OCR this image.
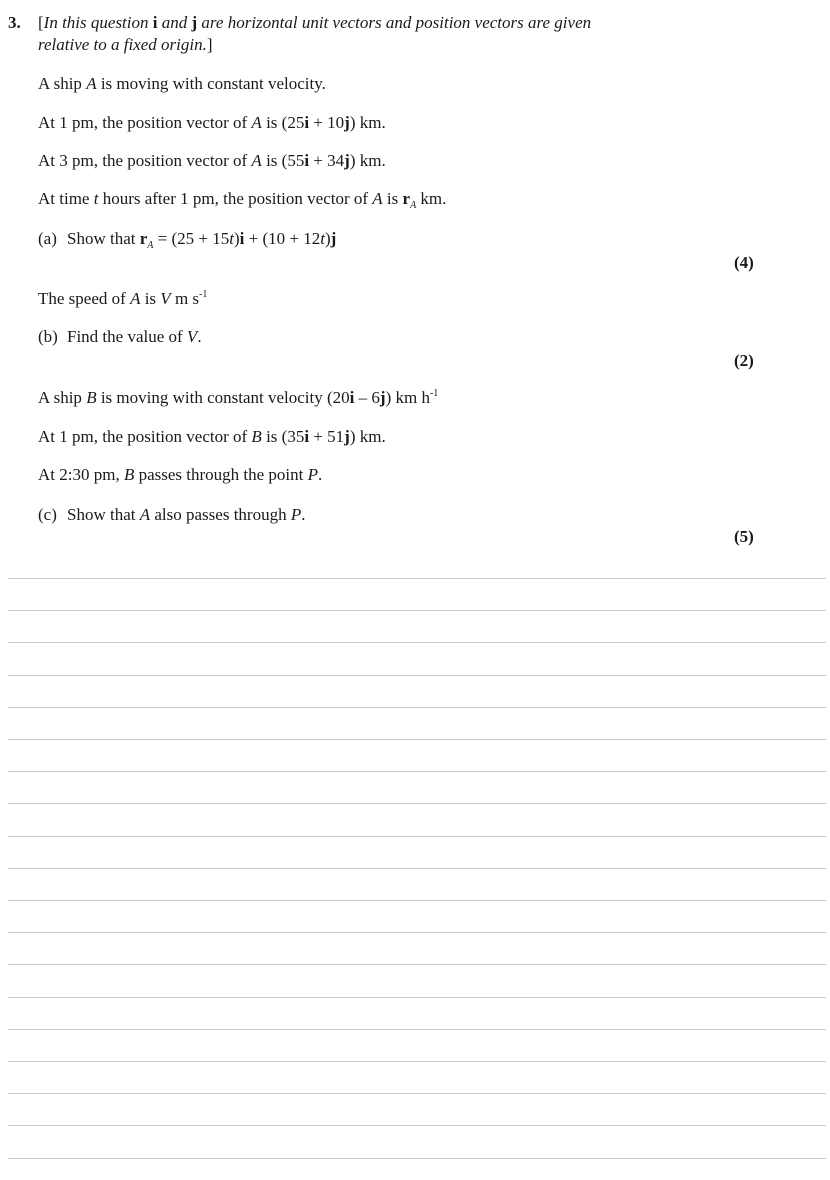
3. [In this question i and j are horizontal unit vectors and position vectors are given
relative to a fixed origin.]
A ship A is moving with constant velocity.
At 1 pm, the position vector of A is (25i + 10j) km.
At 3 pm, the position vector of A is (55i + 34j) km.
At time t hours after 1 pm, the position vector of A is $r_A$ km.
(a) Show that $r_A = (25 + 15t)i + (10 + 12t)j$
(4)
The speed of A is V m $s^{-1}$
(b) Find the value of V.
(2)
A ship B is moving with constant velocity (20i – 6j) km $h^{-1}$
At 1 pm, the position vector of B is (35i + 51j) km.
At 2:30 pm, B passes through the point P.
(c) Show that A also passes through P.
(5)
